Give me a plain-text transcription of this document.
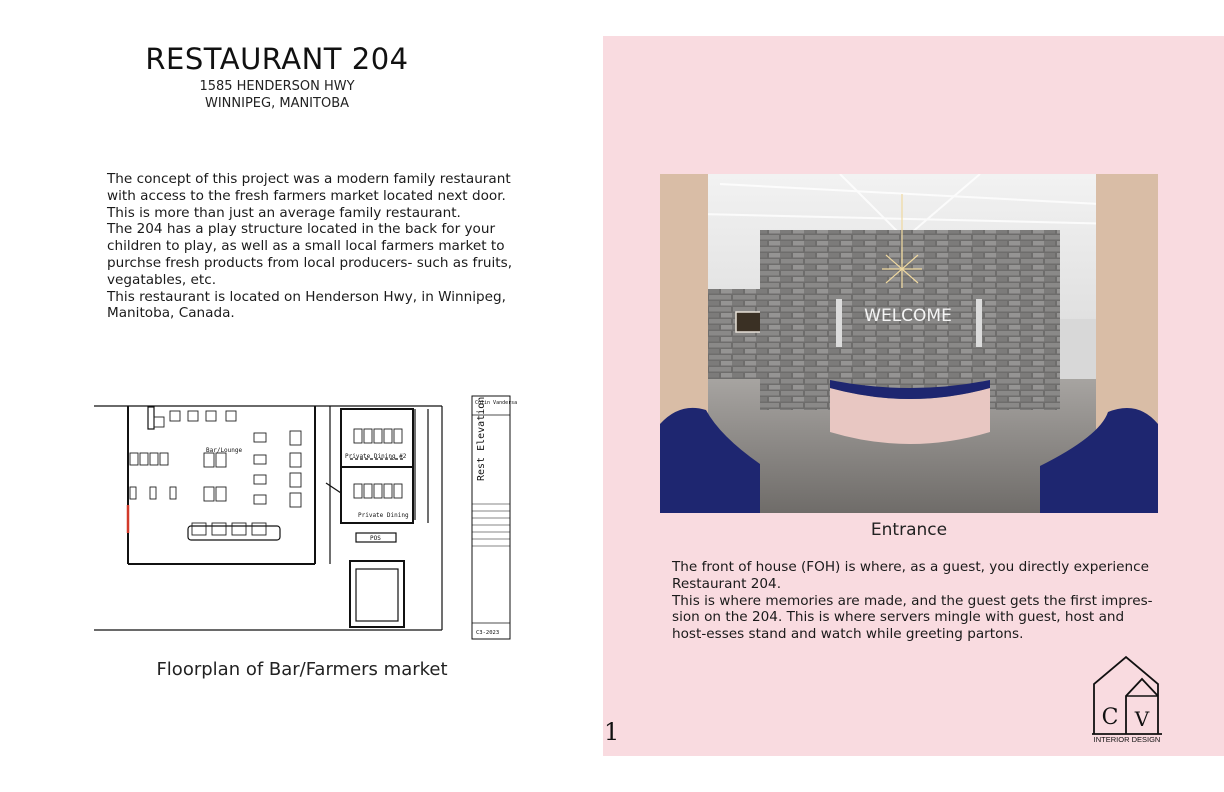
RESTAURANT 204
1585 HENDERSON HWY
WINNIPEG, MANITOBA

The concept of this project was a modern family restaurant with access to the fresh farmers market located next door. This is more than just an average family restaurant.

The 204 has a play structure located in the back for your children to play, as well as a small local farmers market to purchse fresh products from local producers- such as fruits, vegatables, etc.

This restaurant is located on Henderson Hwy, in Winnipeg, Manitoba, Canada.

Bar/Lounge
Private Dining #2
Private Dining
POS
Colin Vandersa
Rest Elevation
C3-2023
Floorplan of Bar/Farmers market
WELCOME
Entrance

The front of house (FOH) is where, as a guest, you directly experience Restaurant 204.

This is where memories are made, and the guest gets the first impres-sion on the 204. This is where servers mingle with guest, host and host-esses stand and watch while greeting partons.

1
C V
INTERIOR DESIGN
